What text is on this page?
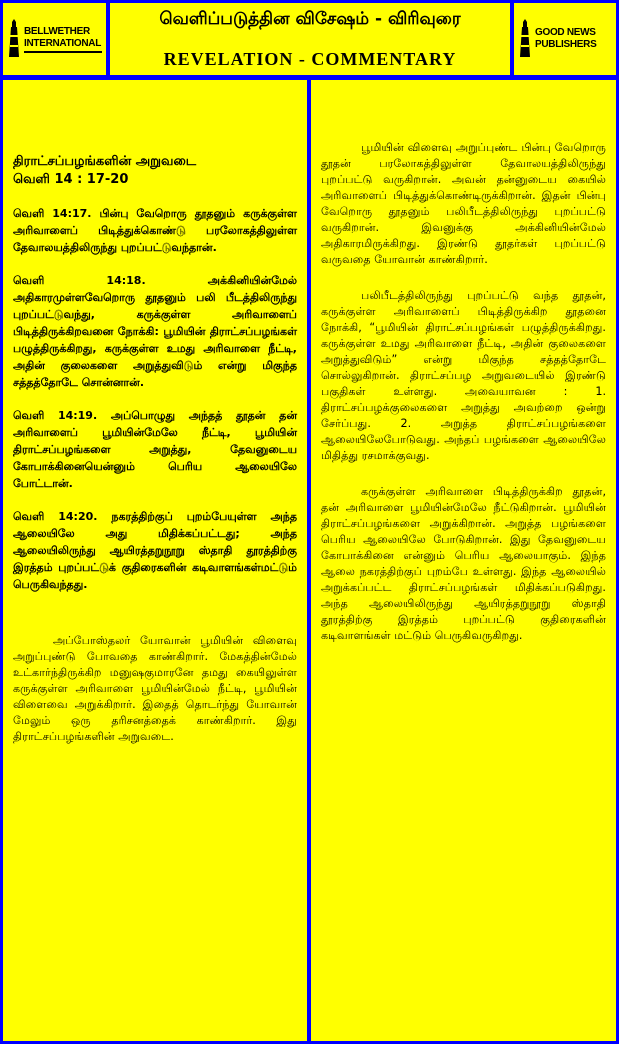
BELLWETHER INTERNATIONAL
வெளிப்படுத்தின விசேஷம் - விரிவுரை
REVELATION - COMMENTARY
GOOD NEWS PUBLISHERS
திராட்சப்பழங்களின் அறுவடை
வெளி 14 : 17-20

வெளி 14:17. பின்பு வேறொரு தூதனும் கருக்குள்ள அரிவாளைப் பிடித்துக்கொண்டு பரலோகத்திலுள்ள தேவாலயத்திலிருந்து புறப்பட்டுவந்தான்.

வெளி 14:18. அக்கினியின்மேல் அதிகாரமுள்ளவேறொரு தூதனும் பலி பீடத்திலிருந்து புறப்பட்டுவந்து, கருக்குள்ள அரிவாளைப் பிடித்திருக்கிறவனை நோக்கி: பூமியின் திராட்சப்பழங்கள் பழுத்திருக்கிறது, கருக்குள்ள உமது அரிவாளை நீட்டி, அதின் குலைகளை அறுத்துவிடும் என்று மிகுந்த சத்தத்தோடே சொன்னான்.

வெளி 14:19. அப்பொழுது அந்தத் தூதன் தன் அரிவாளைப் பூமியின்மேலே நீட்டி, பூமியின் திராட்சப்பழங்களை அறுத்து, தேவனுடைய கோபாக்கினையென்னும் பெரிய ஆலையிலே போட்டான்.

வெளி 14:20. நகரத்திற்குப் புறம்பேயுள்ள அந்த ஆலையிலே அது மிதிக்கப்பட்டது; அந்த ஆலையிலிருந்து ஆயிரத்தறுநூறு ஸ்தாதி தூரத்திற்கு இரத்தம் புறப்பட்டுக் குதிரைகளின் கடிவாளங்கள்மட்டும் பெருகிவந்தது.

அப்போஸ்தலர் யோவான் பூமியின் விளைவு அறுப்புண்டு போவதை காண்கிறார். மேகத்தின்மேல் உட்கார்ந்திருக்கிற மனுஷகுமாரனே தமது கையிலுள்ள கருக்குள்ள அரிவாளை பூமியின்மேல் நீட்டி, பூமியின் விளைவை அறுக்கிறார். இதைத் தொடர்ந்து யோவான் மேலும் ஒரு தரிசனத்தைக் காண்கிறார். இது திராட்சப்பழங்களின் அறுவடை.

பூமியின் விளைவு அறுப்புண்ட பின்பு வேறொரு தூதன் பரலோகத்திலுள்ள தேவாலயத்திலிருந்து புறப்பட்டு வருகிறான். அவன் தன்னுடைய கையில் அரிவாளைப் பிடித்துக்கொண்டிருக்கிறான். இதன் பின்பு வேறொரு தூதனும் பலிபீடத்திலிருந்து புறப்பட்டு வருகிறான். இவனுக்கு அக்கினியின்மேல் அதிகாரமிருக்கிறது. இரண்டு தூதர்கள் புறப்பட்டு வருவதை யோவான் காண்கிறார்.

பலிபீடத்திலிருந்து புறப்பட்டு வந்த தூதன், கருக்குள்ள அரிவாளைப் பிடித்திருக்கிற தூதனை நோக்கி, “பூமியின் திராட்சப்பழங்கள் பழுத்திருக்கிறது. கருக்குள்ள உமது அரிவாளை நீட்டி, அதின் குலைகளை அறுத்துவிடும்” என்று மிகுந்த சத்தத்தோடே சொல்லுகிறான். திராட்சப்பழ அறுவடையில் இரண்டு பகுதிகள் உள்ளது. அவையாவன : 1. திராட்சப்பழக்குலைகளை அறுத்து அவற்றை ஒன்று சேர்ப்பது. 2. அறுத்த திராட்சப்பழங்களை ஆலையிலேபோடுவது. அந்தப் பழங்களை ஆலையிலே மிதித்து ரசமாக்குவது.

கருக்குள்ள அரிவாளை பிடித்திருக்கிற தூதன், தன் அரிவாளை பூமியின்மேலே நீட்டுகிறான். பூமியின் திராட்சப்பழங்களை அறுக்கிறான். அறுத்த பழங்களை பெரிய ஆலையிலே போடுகிறான். இது தேவனுடைய கோபாக்கினை என்னும் பெரிய ஆலையாகும். இந்த ஆலை நகரத்திற்குப் புறம்பே உள்ளது. இந்த ஆலையில் அறுக்கப்பட்ட திராட்சப்பழங்கள் மிதிக்கப்படுகிறது. அந்த ஆலையிலிருந்து ஆயிரத்தறுநூறு ஸ்தாதி தூரத்திற்கு இரத்தம் புறப்பட்டு குதிரைகளின் கடிவாளங்கள் மட்டும் பெருகிவருகிறது.
